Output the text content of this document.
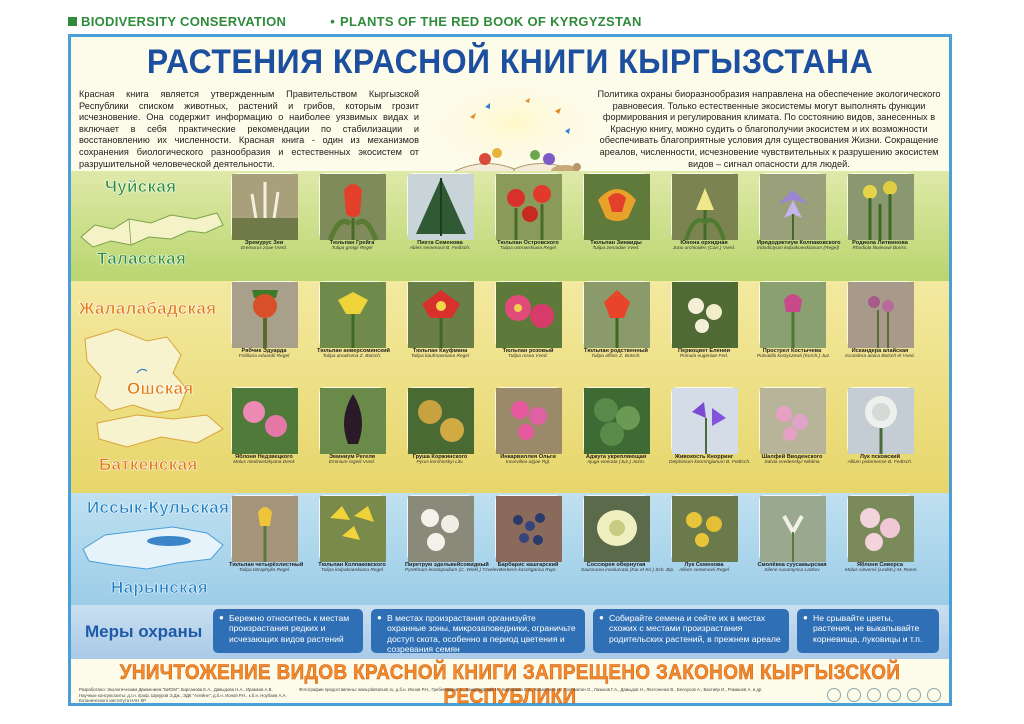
BIODIVERSITY CONSERVATION	• PLANTS OF THE RED BOOK OF KYRGYZSTAN
РАСТЕНИЯ КРАСНОЙ КНИГИ КЫРГЫЗСТАНА

Красная книга является утвержденным Правительством Кыргызской Республики списком животных, растений и грибов, которым грозит исчезновение. Она содержит информацию о наиболее уязвимых видах и включает в себя практические рекомендации по стабилизации и восстановлению их численности. Красная книга - один из механизмов сохранения биологического разнообразия и естественных экосистем от разрушительной человеческой деятельности.

Политика охраны биоразнообразия направлена на обеспечение экологического равновесия. Только естественные экосистемы могут выполнять функции формирования и регулирования климата. По состоянию видов, занесенных в Красную книгу, можно судить о благополучии экосистем и их возможности обеспечивать благоприятные условия для существования Жизни. Сокращение ареалов, численности, исчезновение чувствительных к разрушению экосистем видов – сигнал опасности для людей.

Чуйская
Таласская
Жалалабадская
Ошская
Баткенская
Иссык-Кульская
Нарынская
Эремурус Зеи
Eremurus zoae Vved.
Тюльпан Грейга
Tulipa greigii Regel
Пихта Семенова
Abies semenovii B. Fedtsch.
Тюльпан Островского
Tulipa ostrowskiana Regel
Тюльпан Зинаиды
Tulipa zenaidae Vved.
Юнона орхидная
Juno orchioides (Carr.) Vved.
Иридодиктиум Колпаковского
Iridodictyum kolpakowskianum (Regel)
Родиола Литвинова
Rhodiola litwinowii Boriss.
Рябчик Эдуарда
Fritillaria eduardii Regel
Тюльпан анверсоминский
Tulipa anadroma Z. Botsch.
Тюльпан Кауфмана
Tulipa kaufmanniana Regel
Тюльпан розовый
Tulipa rosea Vved.
Тюльпан родственный
Tulipa affinis Z. Botsch.
Первоцвет Елении
Primula eugeniae Fed.
Прострел Костычева
Pulsatilla kostyczewii (Korsh.) Juz.
Искандера алайская
Iscandera alaica Botsch et Vved.
Яблоня Недзвецкого
Malus niedzwetzkyana Dieck
Эминиум Регеля
Eminium regelii Vved.
Груша Коржинского
Pyrus korshinskyi Litv.
Инкарвиллея Ольги
Incarvillea olgae Rgl.
Аджуга укрепляющая
Ajuga vinerata (Juz.) Jozm.
Живокость Кнорринг
Delphinium knorringianum B. Fedtsch.
Шалфей Вводенского
Salvia vvedenskyi Nikitina
Лук псковский
Allium pskemense B. Fedtsch.
Тюльпан четырёхлистный
Tulipa tetraphylla Regel
Тюльпан Колпаковского
Tulipa kolpakowskiana Regel
Пиретрум эдельвейсовидный
Pyrethrum leontopodium (C. Winkl.) Tzvelev
Барбарис кашгарский
Berberis kaschgarica Rupr.
Соссюрея обернутая
Saussurea involucrata (Kar.et Kir.) Sch. Bip.
Лук Семенова
Allium semenovii Regel
Смолёвка суусамырская
Silene susamyrica Lazkov
Яблоня Сиверса
Malus sieversii (Ledeb.) M. Roem.
Меры охраны
● Бережно относитесь к местам произрастания редких и исчезающих видов растений
● В местах произрастания организуйте охранные зоны, микрозаповедники, ограничьте доступ скота, особенно в период цветения и созревания семян
● Собирайте семена и сейте их в местах схожих с местами произрастания родительских растений, в прежнем ареале
● Не срывайте цветы, растения, не выкапывайте корневища, луковицы и т.п.
УНИЧТОЖЕНИЕ ВИДОВ КРАСНОЙ КНИГИ ЗАПРЕЩЕНО ЗАКОНОМ КЫРГЫЗСКОЙ РЕСПУБЛИКИ
Разработано: Экологическим Движением "БИОМ": Кирсанова Е.А., Давыдова Н.А., Ирамков А.В. Научные консультанты: д.г.н. проф. Шукуров Э.Дж., ЭДК "Алейне"; д.б.н. Ионов Р.Н., к.б.н. Ноубаев А.А. Ботанического института НАН КР
Фотографии предоставлены: www.plantarium.ru, д.б.н. Ионов Р.Н., Гребенщиков А., Канцелярский Н., Кирсанова Е.А., Коваленко Н., Соломатин О., Лазьков Г.А., Давыдов Н., Лехтоненко В., Белоусов А., Бахтиёр И., Ромашев А. и др.
